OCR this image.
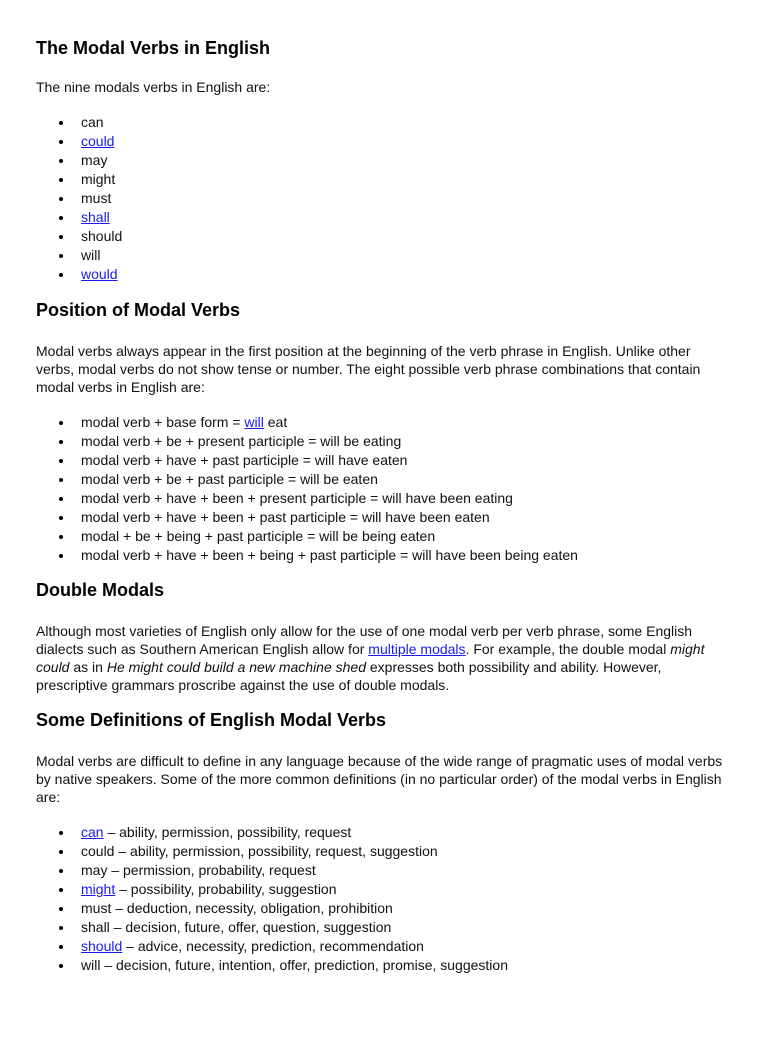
The Modal Verbs in English

The nine modals verbs in English are:

can
could
may
might
must
shall
should
will
would
Position of Modal Verbs

Modal verbs always appear in the first position at the beginning of the verb phrase in English. Unlike other verbs, modal verbs do not show tense or number. The eight possible verb phrase combinations that contain modal verbs in English are:

modal verb + base form = will eat
modal verb + be + present participle = will be eating
modal verb + have + past participle = will have eaten
modal verb + be + past participle = will be eaten
modal verb + have + been + present participle = will have been eating
modal verb + have + been + past participle = will have been eaten
modal + be + being + past participle = will be being eaten
modal verb + have + been + being + past participle = will have been being eaten
Double Modals

Although most varieties of English only allow for the use of one modal verb per verb phrase, some English dialects such as Southern American English allow for multiple modals. For example, the double modal might could as in He might could build a new machine shed expresses both possibility and ability. However, prescriptive grammars proscribe against the use of double modals.

Some Definitions of English Modal Verbs

Modal verbs are difficult to define in any language because of the wide range of pragmatic uses of modal verbs by native speakers. Some of the more common definitions (in no particular order) of the modal verbs in English are:

can – ability, permission, possibility, request
could – ability, permission, possibility, request, suggestion
may – permission, probability, request
might – possibility, probability, suggestion
must – deduction, necessity, obligation, prohibition
shall – decision, future, offer, question, suggestion
should – advice, necessity, prediction, recommendation
will – decision, future, intention, offer, prediction, promise, suggestion
